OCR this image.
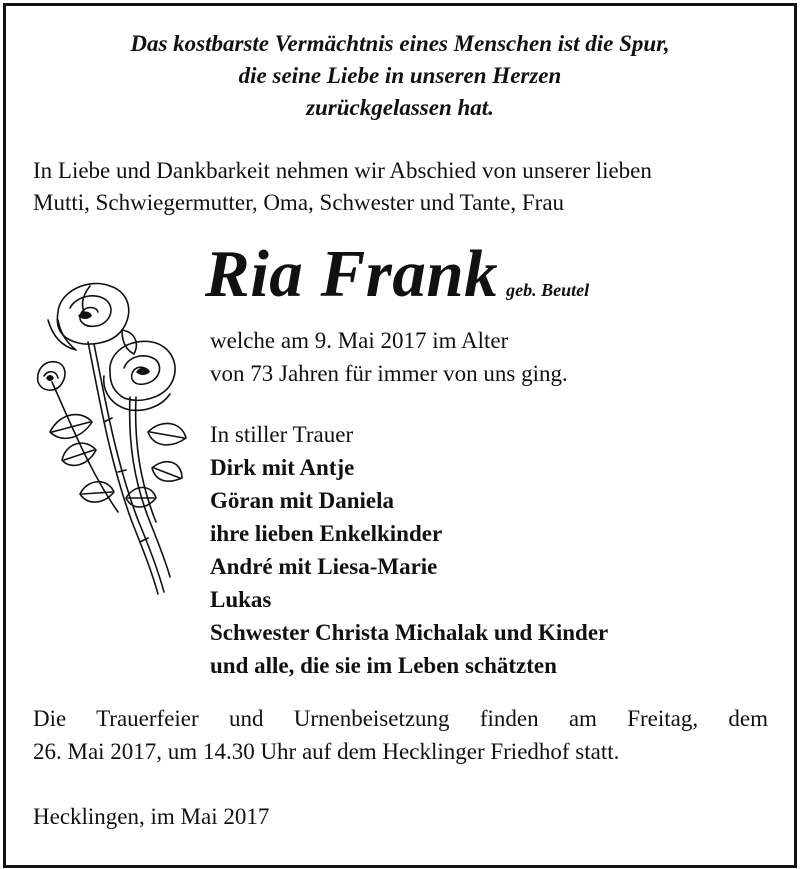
Das kostbarste Vermächtnis eines Menschen ist die Spur,
die seine Liebe in unseren Herzen
zurückgelassen hat.
In Liebe und Dankbarkeit nehmen wir Abschied von unserer lieben
Mutti, Schwiegermutter, Oma, Schwester und Tante, Frau
Ria Frank geb. Beutel
welche am 9. Mai 2017 im Alter
von 73 Jahren für immer von uns ging.
In stiller Trauer
Dirk mit Antje
Göran mit Daniela
ihre lieben Enkelkinder
André mit Liesa-Marie
Lukas
Schwester Christa Michalak und Kinder
und alle, die sie im Leben schätzten
Die Trauerfeier und Urnenbeisetzung finden am Freitag, dem
26. Mai 2017, um 14.30 Uhr auf dem Hecklinger Friedhof statt.
Hecklingen, im Mai 2017
